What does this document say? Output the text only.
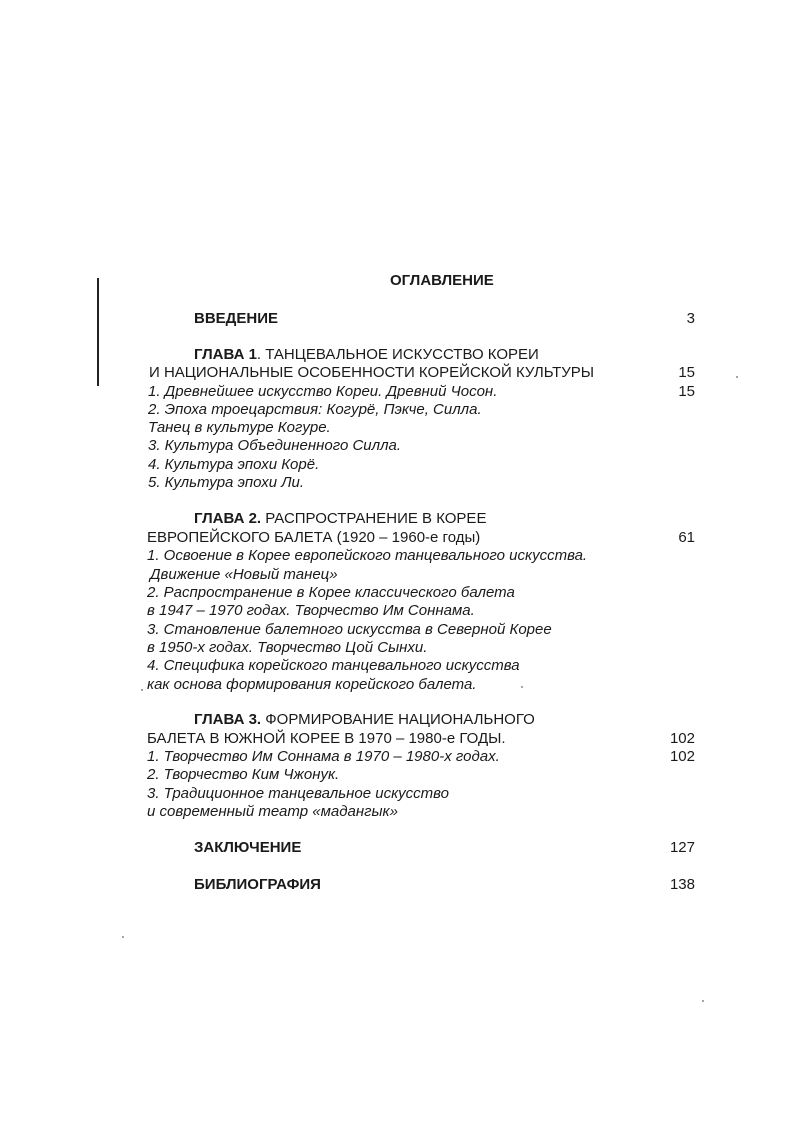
ОГЛАВЛЕНИЕ
ВВЕДЕНИЕ	3
ГЛАВА 1. ТАНЦЕВАЛЬНОЕ ИСКУССТВО КОРЕИ
И НАЦИОНАЛЬНЫЕ ОСОБЕННОСТИ КОРЕЙСКОЙ КУЛЬТУРЫ	15
1. Древнейшее искусство Кореи. Древний Чосон.	15
2. Эпоха троецарствия: Когурё, Пэкче, Силла.
Танец в культуре Когуре.
3. Культура Объединенного Силла.
4. Культура эпохи Корё.
5. Культура эпохи Ли.
ГЛАВА 2. РАСПРОСТРАНЕНИЕ В КОРЕЕ
ЕВРОПЕЙСКОГО БАЛЕТА (1920 – 1960-е годы)	61
1. Освоение в Корее европейского танцевального искусства.
Движение «Новый танец»
2. Распространение в Корее классического балета
в 1947 – 1970 годах. Творчество Им Соннама.
3. Становление балетного искусства в Северной Корее
в 1950-х годах. Творчество Цой Сынхи.
4. Специфика корейского танцевального искусства
как основа формирования корейского балета.
ГЛАВА 3. ФОРМИРОВАНИЕ НАЦИОНАЛЬНОГО
БАЛЕТА В ЮЖНОЙ КОРЕЕ В 1970 – 1980-е ГОДЫ.	102
1. Творчество Им Соннама в 1970 – 1980-х годах.	102
2. Творчество Ким Чжонук.
3. Традиционное танцевальное искусство
и современный театр «мадангык»
ЗАКЛЮЧЕНИЕ	127
БИБЛИОГРАФИЯ	138
